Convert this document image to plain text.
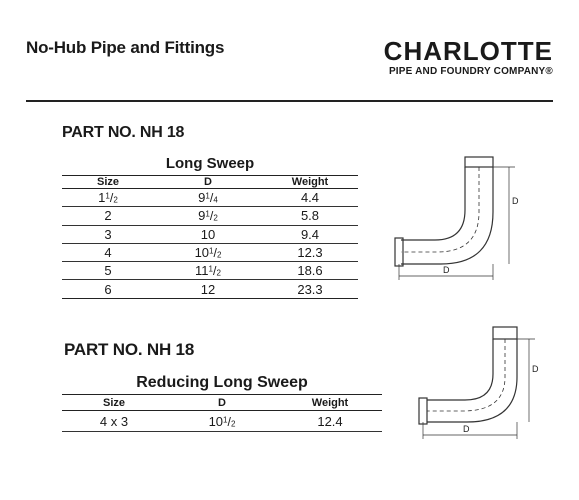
No-Hub Pipe and Fittings	CHARLOTTE
PIPE AND FOUNDRY COMPANY®
PART NO. NH 18
Long Sweep
Size	D	Weight
$1^1/2$	$9^1/4$	4.4
2	$9^1/2$	5.8
3	10	9.4
4	$10^1/2$	12.3
5	$11^1/2$	18.6
6	12	23.3
D
D
PART NO. NH 18
Reducing Long Sweep
Size	D	Weight
4 x 3	$10^1/2$	12.4
D
D
